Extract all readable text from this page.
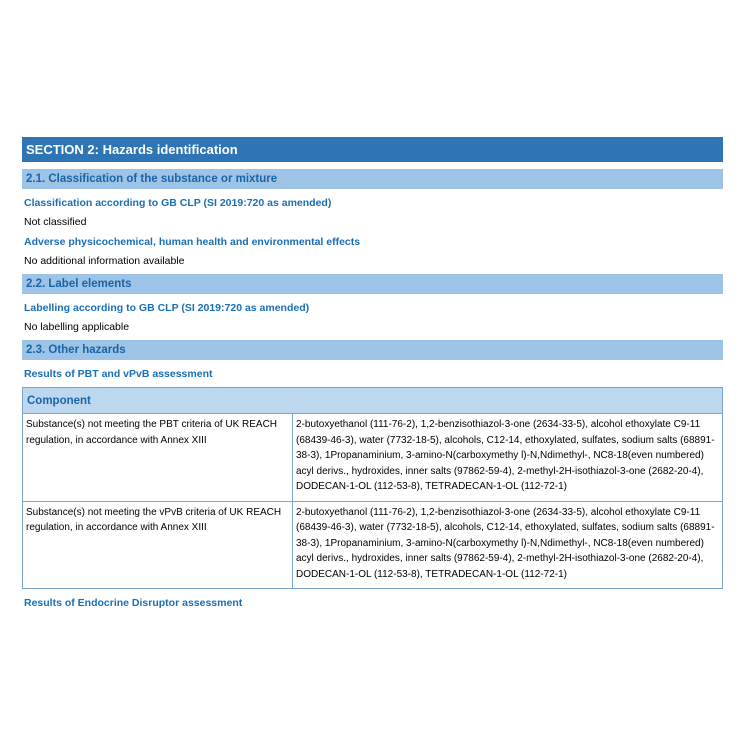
SECTION 2: Hazards identification
2.1. Classification of the substance or mixture
Classification according to GB CLP (SI 2019:720 as amended)
Not classified
Adverse physicochemical, human health and environmental effects
No additional information available
2.2. Label elements
Labelling according to GB CLP (SI 2019:720 as amended)
No labelling applicable
2.3. Other hazards
Results of PBT and vPvB assessment
Component	
Substance(s) not meeting the PBT criteria of UK REACH regulation, in accordance with Annex XIII	2-butoxyethanol (111-76-2), 1,2-benzisothiazol-3-one (2634-33-5), alcohol ethoxylate C9-11 (68439-46-3), water (7732-18-5), alcohols, C12-14, ethoxylated, sulfates, sodium salts (68891-38-3), 1Propanaminium, 3-amino-N(carboxymethy l)-N,Ndimethyl-, NC8-18(even numbered) acyl derivs., hydroxides, inner salts (97862-59-4), 2-methyl-2H-isothiazol-3-one (2682-20-4), DODECAN-1-OL (112-53-8), TETRADECAN-1-OL (112-72-1)
Substance(s) not meeting the vPvB criteria of UK REACH regulation, in accordance with Annex XIII	2-butoxyethanol (111-76-2), 1,2-benzisothiazol-3-one (2634-33-5), alcohol ethoxylate C9-11 (68439-46-3), water (7732-18-5), alcohols, C12-14, ethoxylated, sulfates, sodium salts (68891-38-3), 1Propanaminium, 3-amino-N(carboxymethy l)-N,Ndimethyl-, NC8-18(even numbered) acyl derivs., hydroxides, inner salts (97862-59-4), 2-methyl-2H-isothiazol-3-one (2682-20-4), DODECAN-1-OL (112-53-8), TETRADECAN-1-OL (112-72-1)
Results of Endocrine Disruptor assessment
